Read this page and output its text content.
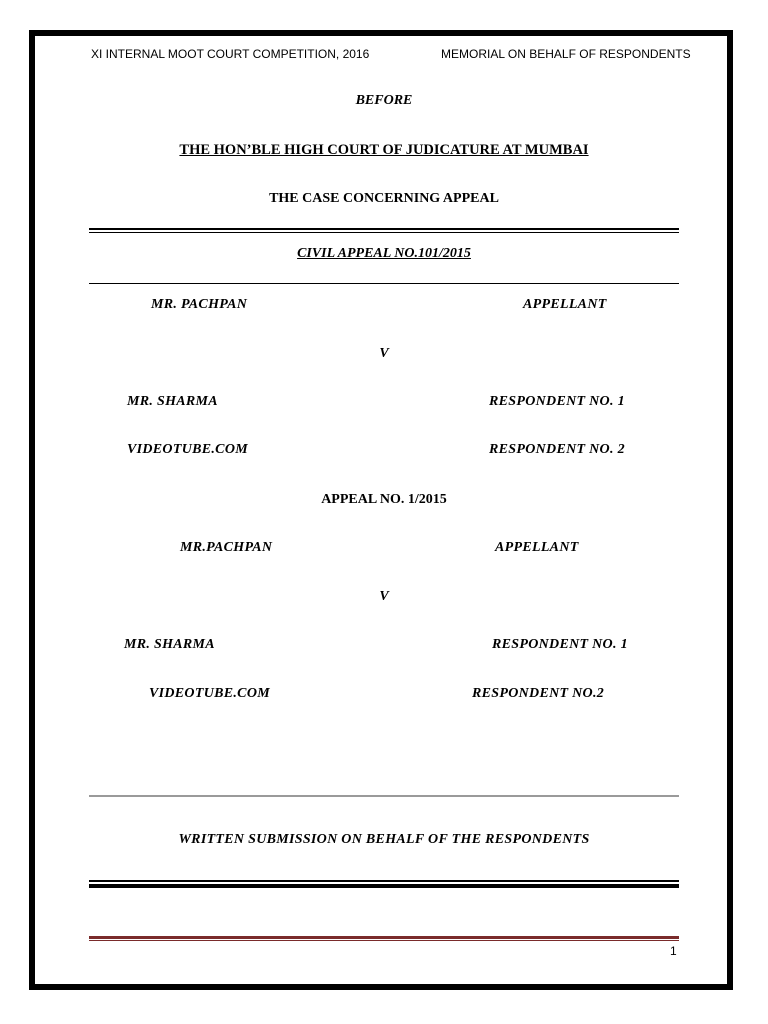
XI INTERNAL MOOT COURT COMPETITION, 2016	MEMORIAL ON BEHALF OF RESPONDENTS
BEFORE
THE HON’BLE HIGH COURT OF JUDICATURE AT MUMBAI
THE CASE CONCERNING APPEAL
CIVIL APPEAL NO.101/2015
MR. PACHPAN	APPELLANT
V
MR. SHARMA	RESPONDENT NO. 1
VIDEOTUBE.COM	RESPONDENT NO. 2
APPEAL NO. 1/2015
MR.PACHPAN	APPELLANT
V
MR. SHARMA	RESPONDENT NO. 1
VIDEOTUBE.COM	RESPONDENT NO.2
WRITTEN SUBMISSION ON BEHALF OF THE RESPONDENTS
1
